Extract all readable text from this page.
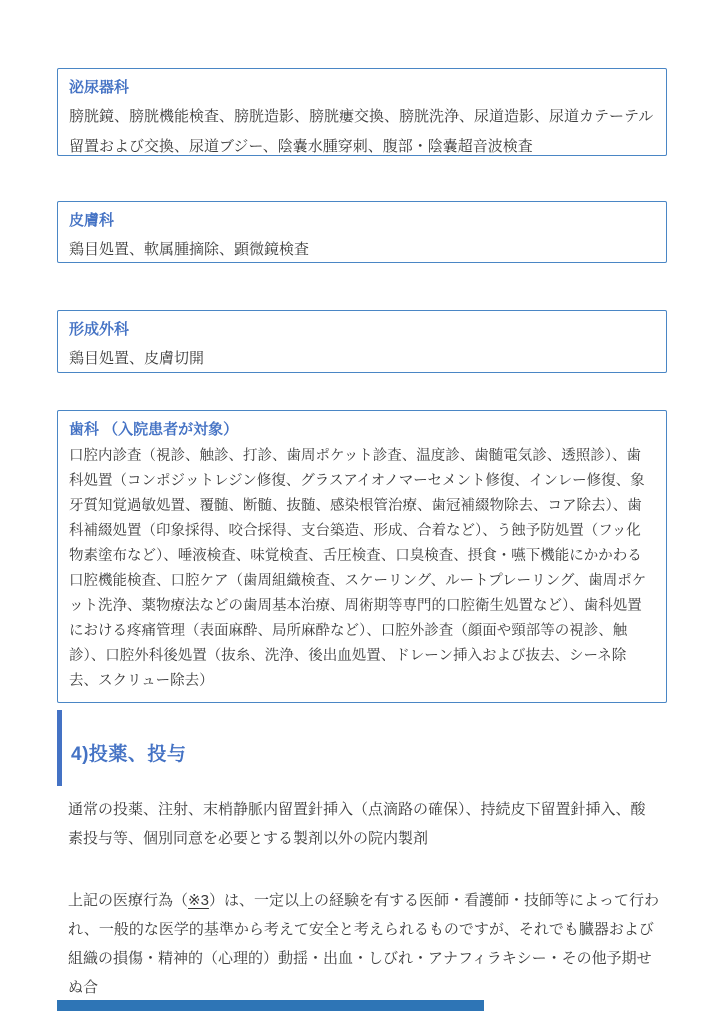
泌尿器科

膀胱鏡、膀胱機能検査、膀胱造影、膀胱瘻交換、膀胱洗浄、尿道造影、尿道カテーテル留置および交換、尿道ブジー、陰嚢水腫穿刺、腹部・陰嚢超音波検査

皮膚科

鶏目処置、軟属腫摘除、顕微鏡検査

形成外科

鶏目処置、皮膚切開

歯科 （入院患者が対象）

口腔内診査（視診、触診、打診、歯周ポケット診査、温度診、歯髄電気診、透照診）、歯科処置（コンポジットレジン修復、グラスアイオノマーセメント修復、インレー修復、象牙質知覚過敏処置、覆髄、断髄、抜髄、感染根管治療、歯冠補綴物除去、コア除去）、歯科補綴処置（印象採得、咬合採得、支台築造、形成、合着など）、う蝕予防処置（フッ化物素塗布など）、唾液検査、味覚検査、舌圧検査、口臭検査、摂食・嚥下機能にかかわる口腔機能検査、口腔ケア（歯周組織検査、スケーリング、ルートプレーリング、歯周ポケット洗浄、薬物療法などの歯周基本治療、周術期等専門的口腔衛生処置など）、歯科処置における疼痛管理（表面麻酔、局所麻酔など）、口腔外診査（顔面や頸部等の視診、触診）、口腔外科後処置（抜糸、洗浄、後出血処置、ドレーン挿入および抜去、シーネ除去、スクリュー除去）

4)投薬、投与

通常の投薬、注射、末梢静脈内留置針挿入（点滴路の確保）、持続皮下留置針挿入、酸素投与等、個別同意を必要とする製剤以外の院内製剤

上記の医療行為（※3）は、一定以上の経験を有する医師・看護師・技師等によって行われ、一般的な医学的基準から考えて安全と考えられるものですが、それでも臓器および組織の損傷・精神的（心理的）動揺・出血・しびれ・アナフィラキシー・その他予期せぬ合
